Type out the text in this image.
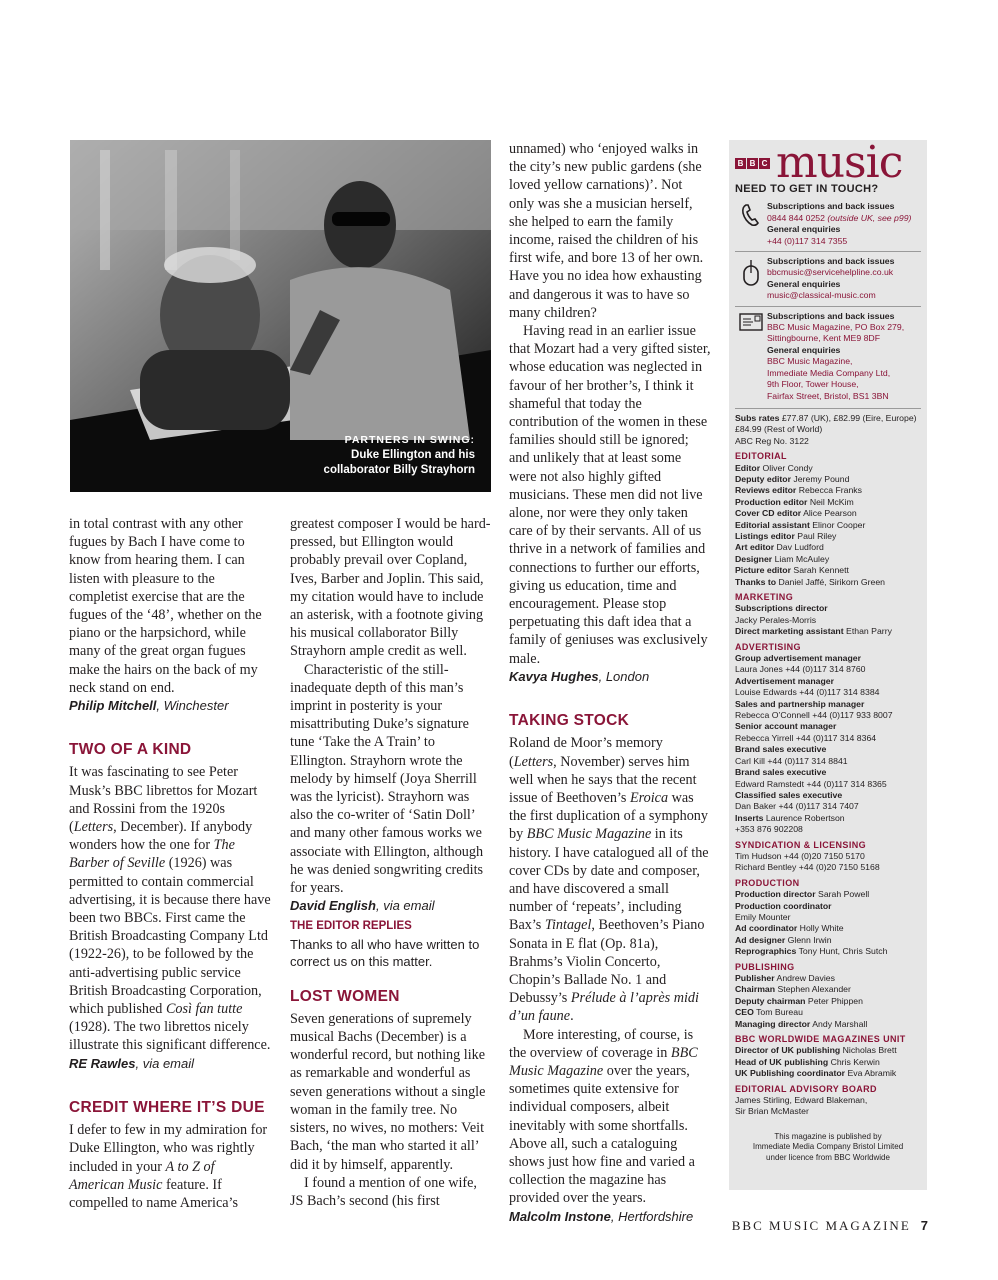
PARTNERS IN SWING:
Duke Ellington and his
collaborator Billy Strayhorn

in total contrast with any other fugues by Bach I have come to know from hearing them. I can listen with pleasure to the completist exercise that are the fugues of the ‘48’, whether on the piano or the harpsichord, while many of the great organ fugues make the hairs on the back of my neck stand on end.

Philip Mitchell, Winchester

TWO OF A KIND

It was fascinating to see Peter Musk’s BBC librettos for Mozart and Rossini from the 1920s (Letters, December). If anybody wonders how the one for The Barber of Seville (1926) was permitted to contain commercial advertising, it is because there have been two BBCs. First came the British Broadcasting Company Ltd (1922-26), to be followed by the anti-advertising public service British Broadcasting Corporation, which published Così fan tutte (1928). The two librettos nicely illustrate this significant difference.

RE Rawles, via email

CREDIT WHERE IT’S DUE

I defer to few in my admiration for Duke Ellington, who was rightly included in your A to Z of American Music feature. If compelled to name America’s

greatest composer I would be hard-pressed, but Ellington would probably prevail over Copland, Ives, Barber and Joplin. This said, my citation would have to include an asterisk, with a footnote giving his musical collaborator Billy Strayhorn ample credit as well.

Characteristic of the still-inadequate depth of this man’s imprint in posterity is your misattributing Duke’s signature tune ‘Take the A Train’ to Ellington. Strayhorn wrote the melody by himself (Joya Sherrill was the lyricist). Strayhorn was also the co-writer of ‘Satin Doll’ and many other famous works we associate with Ellington, although he was denied songwriting credits for years.

David English, via email

THE EDITOR REPLIES
Thanks to all who have written to correct us on this matter.
LOST WOMEN

Seven generations of supremely musical Bachs (December) is a wonderful record, but nothing like as remarkable and wonderful as seven generations without a single woman in the family tree. No sisters, no wives, no mothers: Veit Bach, ‘the man who started it all’ did it by himself, apparently.

I found a mention of one wife, JS Bach’s second (his first

unnamed) who ‘enjoyed walks in the city’s new public gardens (she loved yellow carnations)’. Not only was she a musician herself, she helped to earn the family income, raised the children of his first wife, and bore 13 of her own. Have you no idea how exhausting and dangerous it was to have so many children?

Having read in an earlier issue that Mozart had a very gifted sister, whose education was neglected in favour of her brother’s, I think it shameful that today the contribution of the women in these families should still be ignored; and unlikely that at least some were not also highly gifted musicians. These men did not live alone, nor were they only taken care of by their servants. All of us thrive in a network of families and connections to further our efforts, giving us education, time and encouragement. Please stop perpetuating this daft idea that a family of geniuses was exclusively male.

Kavya Hughes, London

TAKING STOCK

Roland de Moor’s memory (Letters, November) serves him well when he says that the recent issue of Beethoven’s Eroica was the first duplication of a symphony by BBC Music Magazine in its history. I have catalogued all of the cover CDs by date and composer, and have discovered a small number of ‘repeats’, including Bax’s Tintagel, Beethoven’s Piano Sonata in E flat (Op. 81a), Brahms’s Violin Concerto, Chopin’s Ballade No. 1 and Debussy’s Prélude à l’après midi d’un faune.

More interesting, of course, is the overview of coverage in BBC Music Magazine over the years, sometimes quite extensive for individual composers, albeit inevitably with some shortfalls. Above all, such a cataloguing shows just how fine and varied a collection the magazine has provided over the years.

Malcolm Instone, Hertfordshire

B B C music
NEED TO GET IN TOUCH?
Subscriptions and back issues
0844 844 0252 (outside UK, see p99)
General enquiries
+44 (0)117 314 7355
Subscriptions and back issues
bbcmusic@servicehelpline.co.uk
General enquiries
music@classical-music.com
Subscriptions and back issues
BBC Music Magazine, PO Box 279,
Sittingbourne, Kent ME9 8DF
General enquiries
BBC Music Magazine,
Immediate Media Company Ltd,
9th Floor, Tower House,
Fairfax Street, Bristol, BS1 3BN
Subs rates £77.87 (UK), £82.99 (Eire, Europe) £84.99 (Rest of World)
ABC Reg No. 3122
EDITORIAL
Editor Oliver Condy
Deputy editor Jeremy Pound
Reviews editor Rebecca Franks
Production editor Neil McKim
Cover CD editor Alice Pearson
Editorial assistant Elinor Cooper
Listings editor Paul Riley
Art editor Dav Ludford
Designer Liam McAuley
Picture editor Sarah Kennett
Thanks to Daniel Jaffé, Sirikorn Green
MARKETING
Subscriptions director
Jacky Perales-Morris
Direct marketing assistant Ethan Parry
ADVERTISING
Group advertisement manager
Laura Jones +44 (0)117 314 8760
Advertisement manager
Louise Edwards +44 (0)117 314 8384
Sales and partnership manager
Rebecca O’Connell +44 (0)117 933 8007
Senior account manager
Rebecca Yirrell +44 (0)117 314 8364
Brand sales executive
Carl Kill +44 (0)117 314 8841
Brand sales executive
Edward Ramstedt +44 (0)117 314 8365
Classified sales executive
Dan Baker +44 (0)117 314 7407
Inserts Laurence Robertson
+353 876 902208
SYNDICATION & LICENSING
Tim Hudson +44 (0)20 7150 5170
Richard Bentley +44 (0)20 7150 5168
PRODUCTION
Production director Sarah Powell
Production coordinator
Emily Mounter
Ad coordinator Holly White
Ad designer Glenn Irwin
Reprographics Tony Hunt, Chris Sutch
PUBLISHING
Publisher Andrew Davies
Chairman Stephen Alexander
Deputy chairman Peter Phippen
CEO Tom Bureau
Managing director Andy Marshall
BBC WORLDWIDE MAGAZINES UNIT
Director of UK publishing Nicholas Brett
Head of UK publishing Chris Kerwin
UK Publishing coordinator Eva Abramik
EDITORIAL ADVISORY BOARD
James Stirling, Edward Blakeman,
Sir Brian McMaster
This magazine is published by
Immediate Media Company Bristol Limited
under licence from BBC Worldwide
BBC MUSIC MAGAZINE 7
